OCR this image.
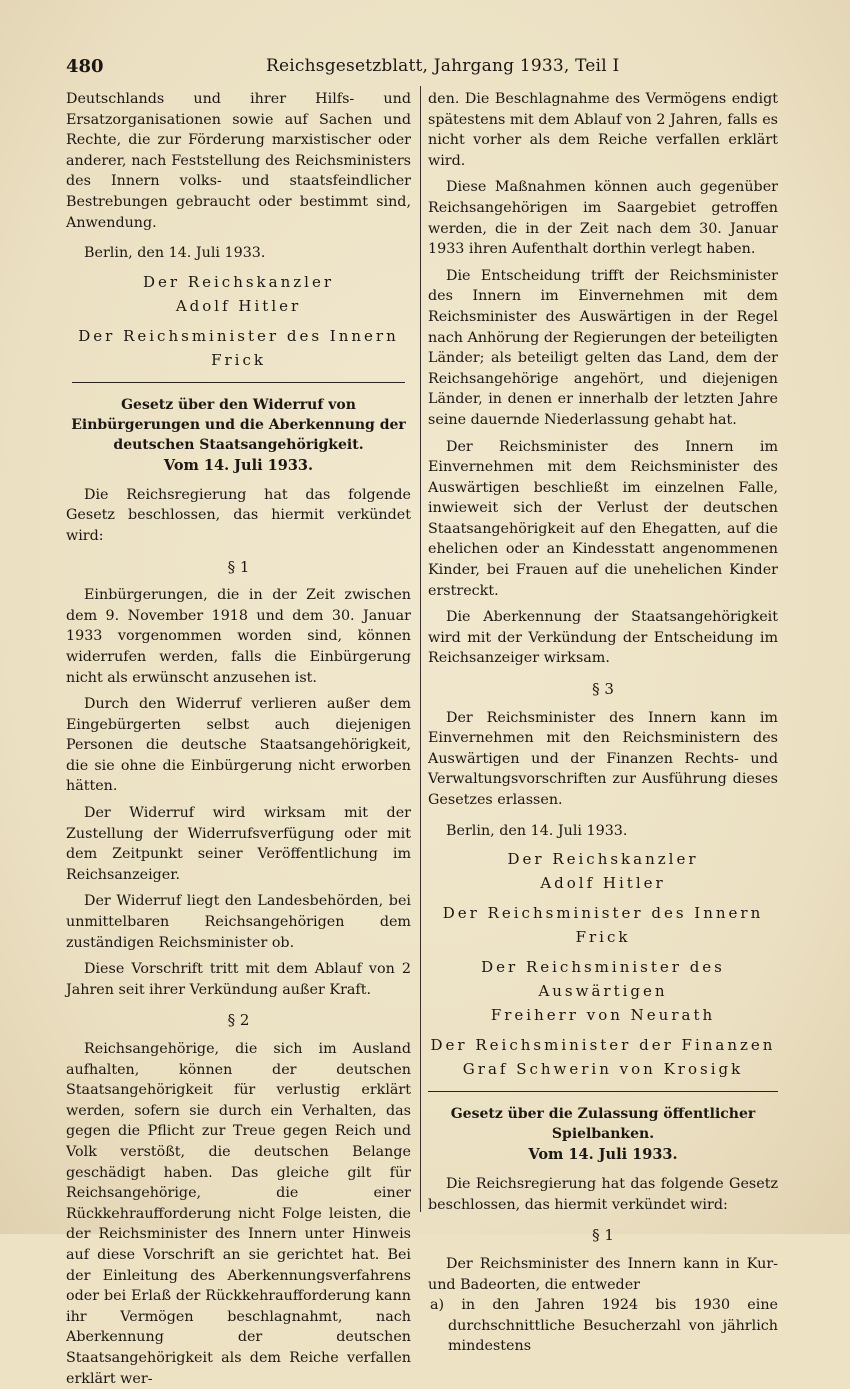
480	Reichsgesetzblatt, Jahrgang 1933, Teil I

Deutschlands und ihrer Hilfs- und Ersatzorganisationen sowie auf Sachen und Rechte, die zur Förderung marxistischer oder anderer, nach Feststellung des Reichsministers des Innern volks- und staatsfeindlicher Bestrebungen gebraucht oder bestimmt sind, Anwendung.

Berlin, den 14. Juli 1933.

Der Reichskanzler
Adolf Hitler
Der Reichsminister des Innern
Frick
Gesetz über den Widerruf von Einbürgerungen und die Aberkennung der deutschen Staatsangehörigkeit.
Vom 14. Juli 1933.

Die Reichsregierung hat das folgende Gesetz beschlossen, das hiermit verkündet wird:

§ 1

Einbürgerungen, die in der Zeit zwischen dem 9. November 1918 und dem 30. Januar 1933 vorgenommen worden sind, können widerrufen werden, falls die Einbürgerung nicht als erwünscht anzusehen ist.

Durch den Widerruf verlieren außer dem Eingebürgerten selbst auch diejenigen Personen die deutsche Staatsangehörigkeit, die sie ohne die Einbürgerung nicht erworben hätten.

Der Widerruf wird wirksam mit der Zustellung der Widerrufsverfügung oder mit dem Zeitpunkt seiner Veröffentlichung im Reichsanzeiger.

Der Widerruf liegt den Landesbehörden, bei unmittelbaren Reichsangehörigen dem zuständigen Reichsminister ob.

Diese Vorschrift tritt mit dem Ablauf von 2 Jahren seit ihrer Verkündung außer Kraft.

§ 2

Reichsangehörige, die sich im Ausland aufhalten, können der deutschen Staatsangehörigkeit für verlustig erklärt werden, sofern sie durch ein Verhalten, das gegen die Pflicht zur Treue gegen Reich und Volk verstößt, die deutschen Belange geschädigt haben. Das gleiche gilt für Reichsangehörige, die einer Rückkehraufforderung nicht Folge leisten, die der Reichsminister des Innern unter Hinweis auf diese Vorschrift an sie gerichtet hat. Bei der Einleitung des Aberkennungsverfahrens oder bei Erlaß der Rückkehraufforderung kann ihr Vermögen beschlagnahmt, nach Aberkennung der deutschen Staatsangehörigkeit als dem Reiche verfallen erklärt wer-

den. Die Beschlagnahme des Vermögens endigt spätestens mit dem Ablauf von 2 Jahren, falls es nicht vorher als dem Reiche verfallen erklärt wird.

Diese Maßnahmen können auch gegenüber Reichsangehörigen im Saargebiet getroffen werden, die in der Zeit nach dem 30. Januar 1933 ihren Aufenthalt dorthin verlegt haben.

Die Entscheidung trifft der Reichsminister des Innern im Einvernehmen mit dem Reichsminister des Auswärtigen in der Regel nach Anhörung der Regierungen der beteiligten Länder; als beteiligt gelten das Land, dem der Reichsangehörige angehört, und diejenigen Länder, in denen er innerhalb der letzten Jahre seine dauernde Niederlassung gehabt hat.

Der Reichsminister des Innern im Einvernehmen mit dem Reichsminister des Auswärtigen beschließt im einzelnen Falle, inwieweit sich der Verlust der deutschen Staatsangehörigkeit auf den Ehegatten, auf die ehelichen oder an Kindesstatt angenommenen Kinder, bei Frauen auf die unehelichen Kinder erstreckt.

Die Aberkennung der Staatsangehörigkeit wird mit der Verkündung der Entscheidung im Reichsanzeiger wirksam.

§ 3

Der Reichsminister des Innern kann im Einvernehmen mit den Reichsministern des Auswärtigen und der Finanzen Rechts- und Verwaltungsvorschriften zur Ausführung dieses Gesetzes erlassen.

Berlin, den 14. Juli 1933.

Der Reichskanzler
Adolf Hitler
Der Reichsminister des Innern
Frick
Der Reichsminister des Auswärtigen
Freiherr von Neurath
Der Reichsminister der Finanzen
Graf Schwerin von Krosigk
Gesetz über die Zulassung öffentlicher Spielbanken.
Vom 14. Juli 1933.

Die Reichsregierung hat das folgende Gesetz beschlossen, das hiermit verkündet wird:

§ 1

Der Reichsminister des Innern kann in Kur- und Badeorten, die entweder

a) in den Jahren 1924 bis 1930 eine durchschnittliche Besucherzahl von jährlich mindestens
